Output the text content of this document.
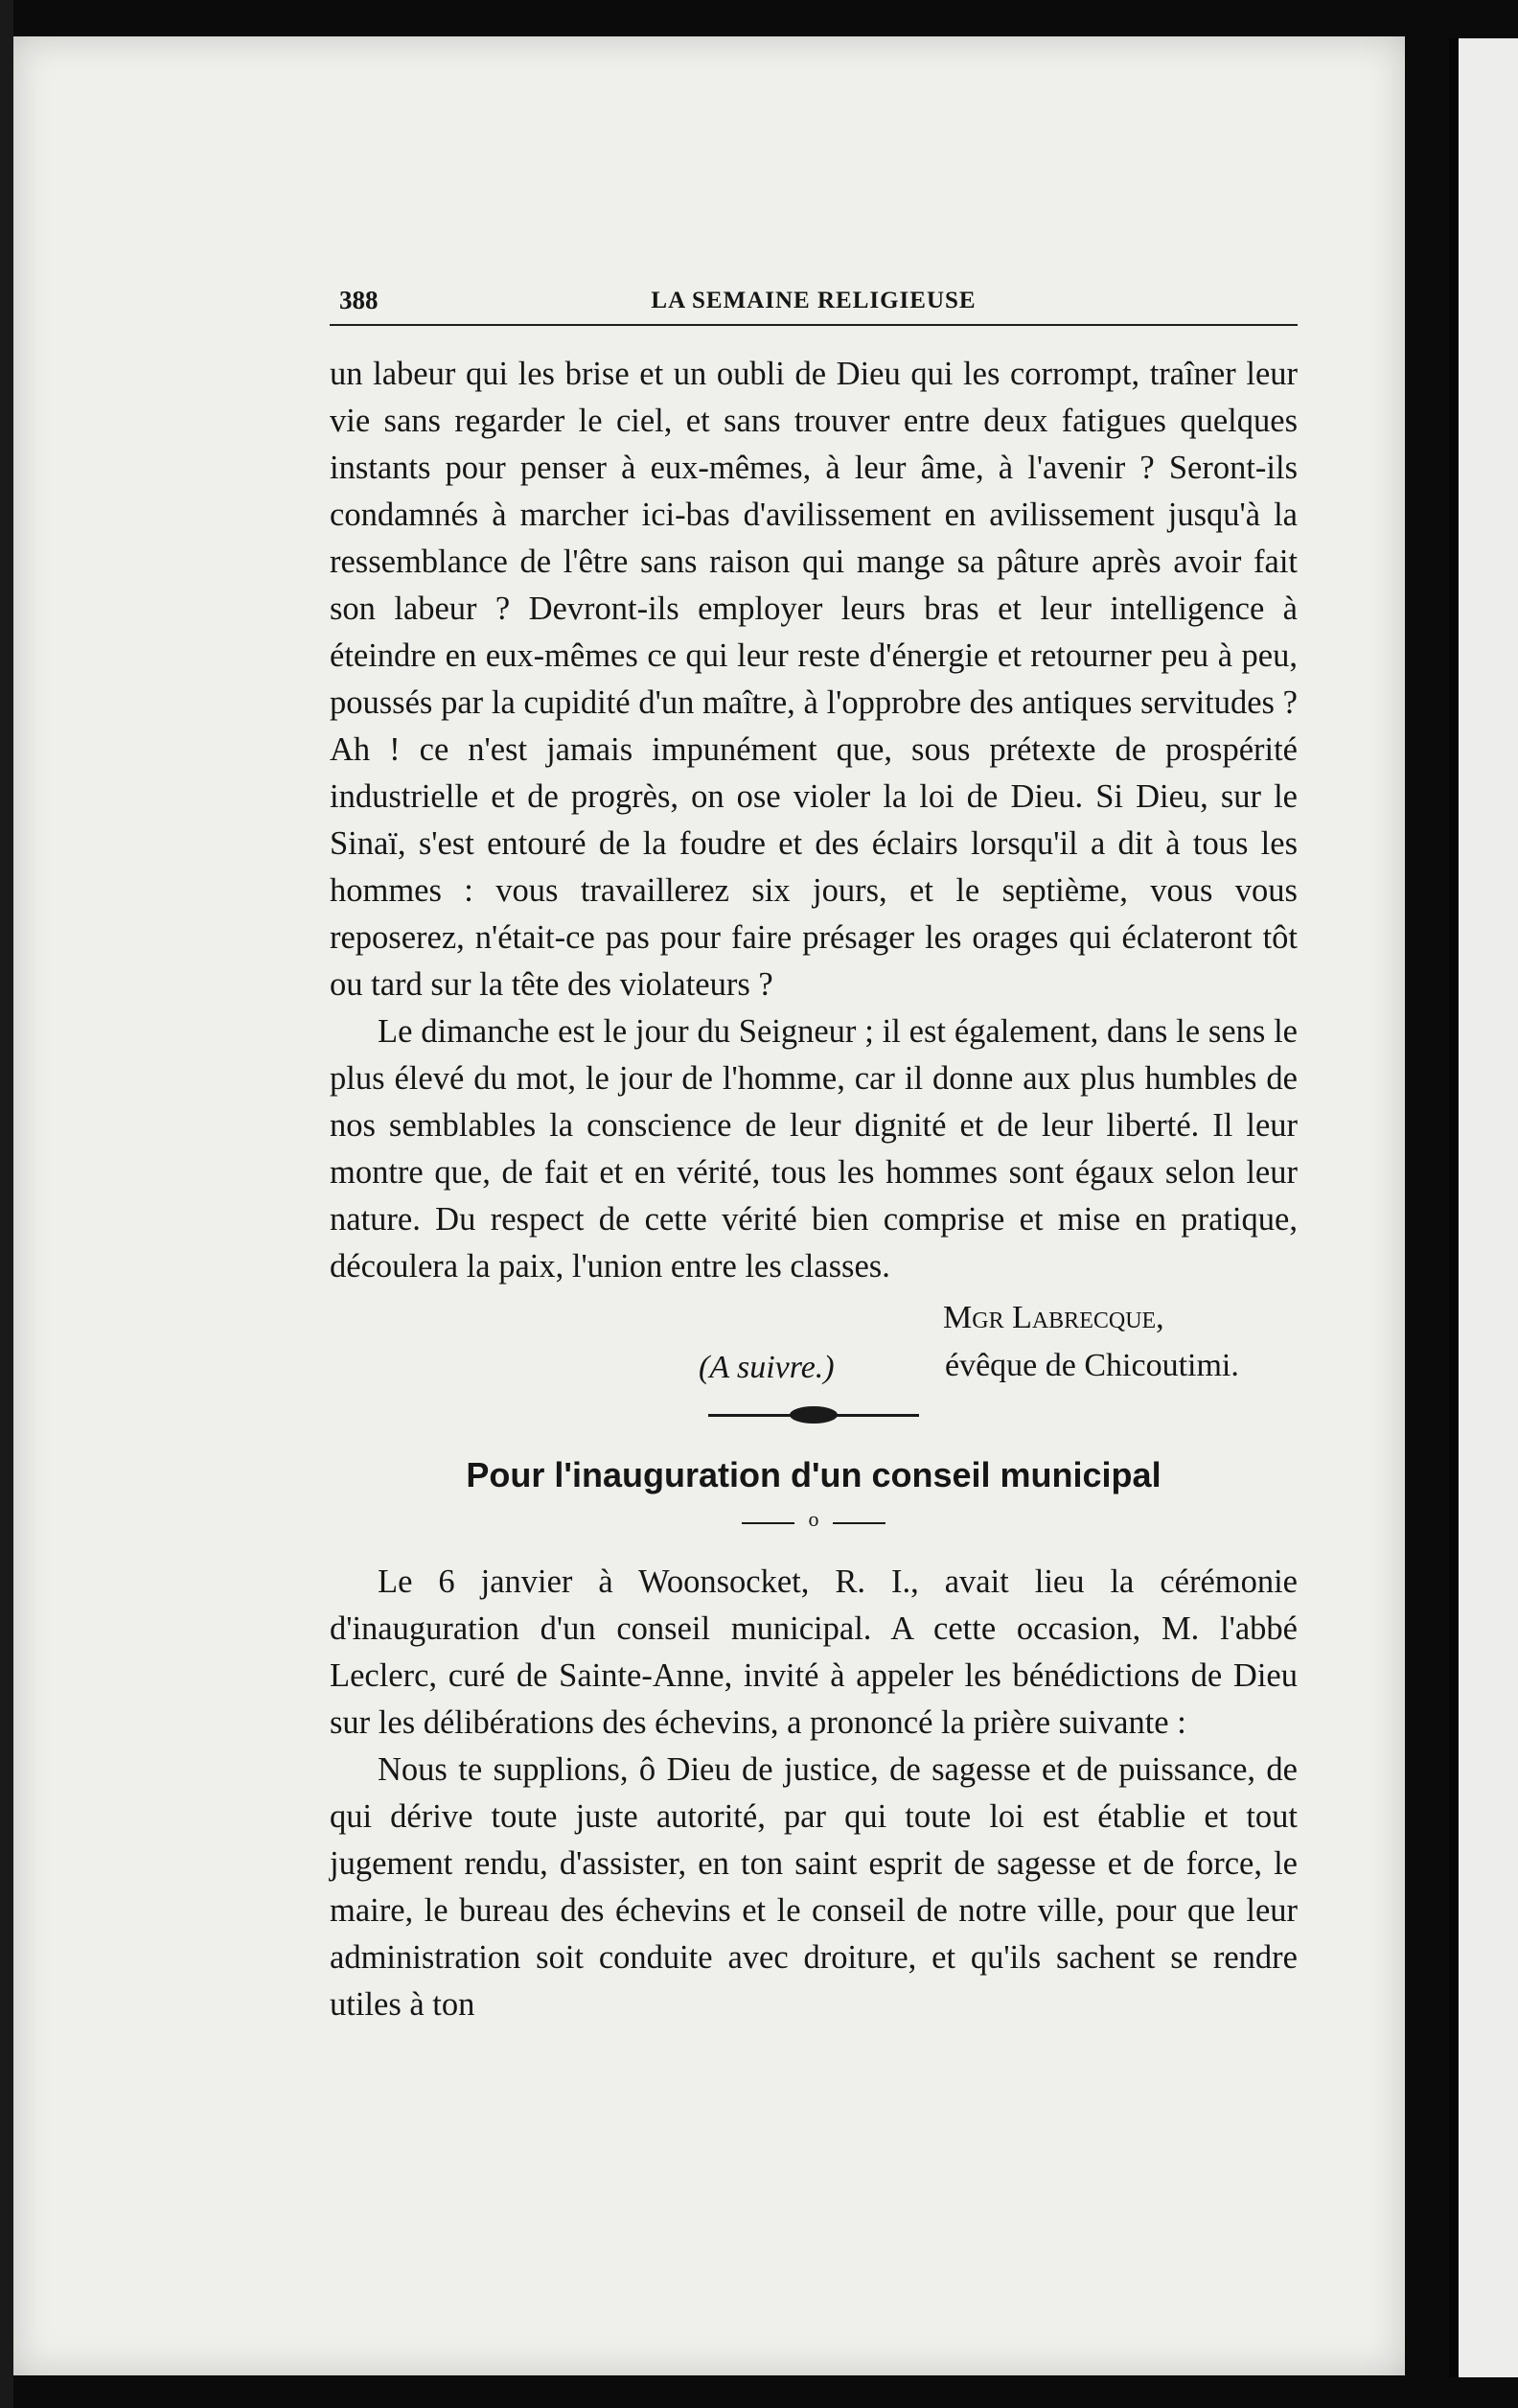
388	LA SEMAINE RELIGIEUSE

un labeur qui les brise et un oubli de Dieu qui les corrompt, traîner leur vie sans regarder le ciel, et sans trouver entre deux fatigues quelques instants pour penser à eux-mêmes, à leur âme, à l'avenir ? Seront-ils condamnés à marcher ici-bas d'avilissement en avilissement jusqu'à la ressemblance de l'être sans raison qui mange sa pâture après avoir fait son labeur ? Devront-ils employer leurs bras et leur intelligence à éteindre en eux-mêmes ce qui leur reste d'énergie et retourner peu à peu, poussés par la cupidité d'un maître, à l'opprobre des antiques servitudes ? Ah ! ce n'est jamais impunément que, sous prétexte de prospérité industrielle et de progrès, on ose violer la loi de Dieu. Si Dieu, sur le Sinaï, s'est entouré de la foudre et des éclairs lorsqu'il a dit à tous les hommes : vous travaillerez six jours, et le septième, vous vous reposerez, n'était-ce pas pour faire présager les orages qui éclateront tôt ou tard sur la tête des violateurs ?

Le dimanche est le jour du Seigneur ; il est également, dans le sens le plus élevé du mot, le jour de l'homme, car il donne aux plus humbles de nos semblables la conscience de leur dignité et de leur liberté. Il leur montre que, de fait et en vérité, tous les hommes sont égaux selon leur nature. Du respect de cette vérité bien comprise et mise en pratique, découlera la paix, l'union entre les classes.

Mgr Labrecque,
(A suivre.)	évêque de Chicoutimi.
Pour l'inauguration d'un conseil municipal
o

Le 6 janvier à Woonsocket, R. I., avait lieu la cérémonie d'inauguration d'un conseil municipal. A cette occasion, M. l'abbé Leclerc, curé de Sainte-Anne, invité à appeler les bénédictions de Dieu sur les délibérations des échevins, a prononcé la prière suivante :

Nous te supplions, ô Dieu de justice, de sagesse et de puissance, de qui dérive toute juste autorité, par qui toute loi est établie et tout jugement rendu, d'assister, en ton saint esprit de sagesse et de force, le maire, le bureau des échevins et le conseil de notre ville, pour que leur administration soit conduite avec droiture, et qu'ils sachent se rendre utiles à ton
